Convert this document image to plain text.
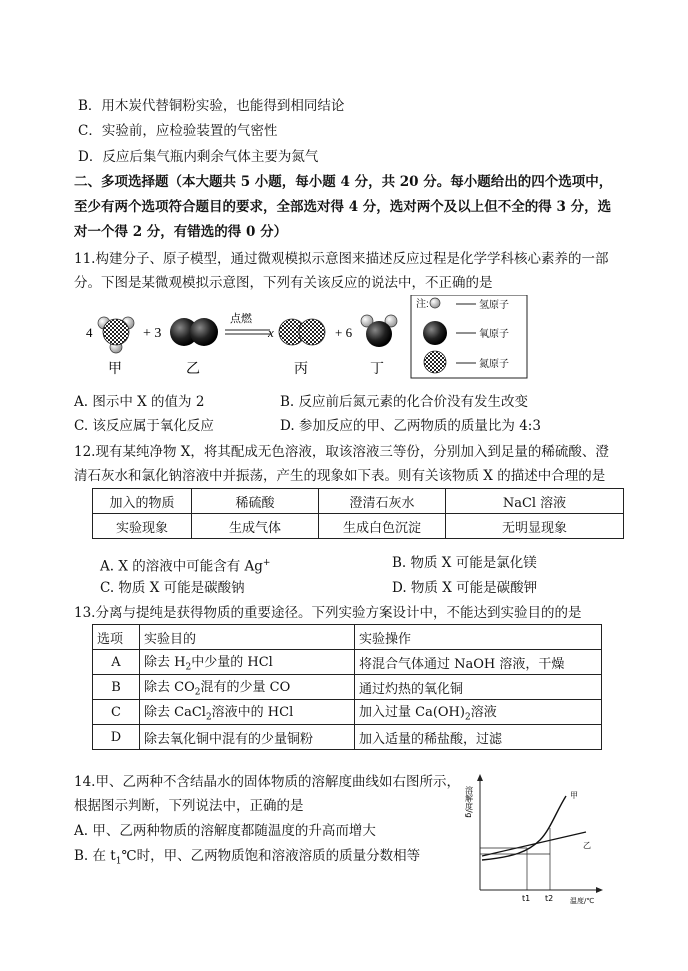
B．用木炭代替铜粉实验，也能得到相同结论
C．实验前，应检验装置的气密性
D．反应后集气瓶内剩余气体主要为氮气
二、多项选择题（本大题共 5 小题，每小题 4 分，共 20 分。每小题给出的四个选项中，
至少有两个选项符合题目的要求，全部选对得 4 分，选对两个及以上但不全的得 3 分，选
对一个得 2 分，有错选的得 0 分）
11.构建分子、原子模型，通过微观模拟示意图来描述反应过程是化学学科核心素养的一部
分。下图是某微观模拟示意图，下列有关该反应的说法中，不正确的是
4	+ 3
点燃
x	+ 6
甲	乙	丙	丁
注:	氢原子
氧原子
氮原子
A. 图示中 X 的值为 2	B. 反应前后氮元素的化合价没有发生改变
C. 该反应属于氧化反应	D. 参加反应的甲、乙两物质的质量比为 4:3
12.现有某纯净物 X，将其配成无色溶液，取该溶液三等份，分别加入到足量的稀硫酸、澄
清石灰水和氯化钠溶液中并振荡，产生的现象如下表。则有关该物质 X 的描述中合理的是
加入的物质	稀硫酸	澄清石灰水	NaCl 溶液
实验现象	生成气体	生成白色沉淀	无明显现象
A. X 的溶液中可能含有 Ag+	B. 物质 X 可能是氯化镁
C. 物质 X 可能是碳酸钠	D. 物质 X 可能是碳酸钾
13.分离与提纯是获得物质的重要途径。下列实验方案设计中，不能达到实验目的的是
选项	实验目的	实验操作
A	除去 $H_2$中少量的 HCl	将混合气体通过 NaOH 溶液，干燥
B	除去 $CO_2$混有的少量 CO	通过灼热的氧化铜
C	除去 CaCl$_2$溶液中的 HCl	加入过量 $Ca(OH)_2$溶液
D	除去氧化铜中混有的少量铜粉	加入适量的稀盐酸，过滤
14.甲、乙两种不含结晶水的固体物质的溶解度曲线如右图所示，
根据图示判断，下列说法中，正确的是
A. 甲、乙两种物质的溶解度都随温度的升高而增大
B. 在 $t_1℃$时，甲、乙两物质饱和溶液溶质的质量分数相等
溶解度/g
温度/℃
甲
乙
t1 t2
